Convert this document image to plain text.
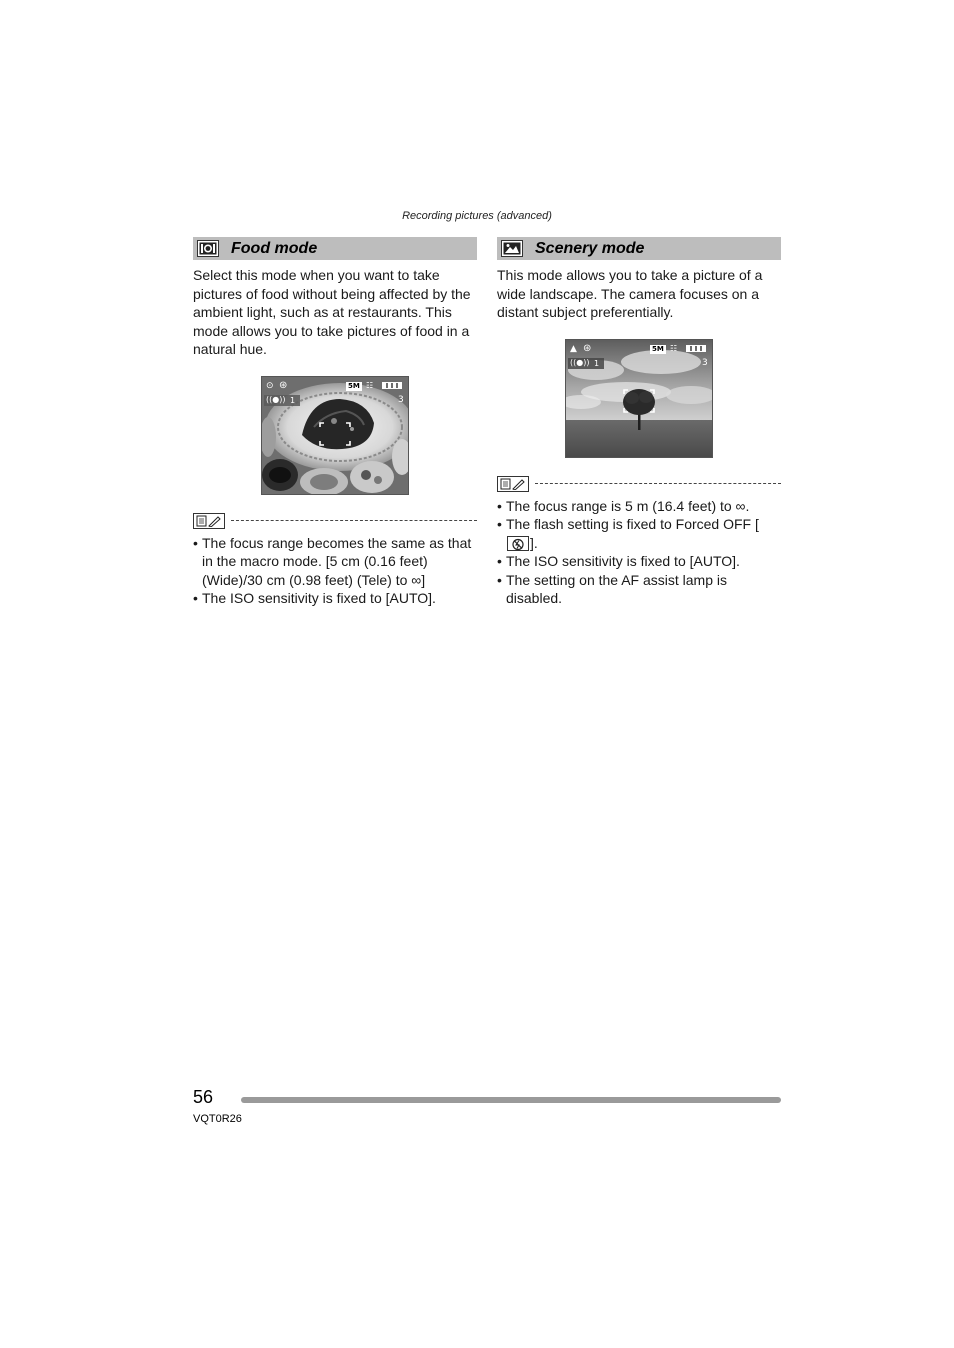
Recording pictures (advanced)
Food mode

Select this mode when you want to take pictures of food without being affected by the ambient light, such as at restaurants. This mode allows you to take pictures of food in a natural hue.

⊙ ⊛	5M ☷
((●)) 1	3
• The focus range becomes the same as that in the macro mode. [5 cm (0.16 feet) (Wide)/30 cm (0.98 feet) (Tele) to ∞]
• The ISO sensitivity is fixed to [AUTO].
Scenery mode

This mode allows you to take a picture of a wide landscape. The camera focuses on a distant subject preferentially.

▲ ⊛	5M ☷
((●)) 1	3
• The focus range is 5 m (16.4 feet) to ∞.
• The flash setting is fixed to Forced OFF [].
• The ISO sensitivity is fixed to [AUTO].
• The setting on the AF assist lamp is disabled.
56
VQT0R26
